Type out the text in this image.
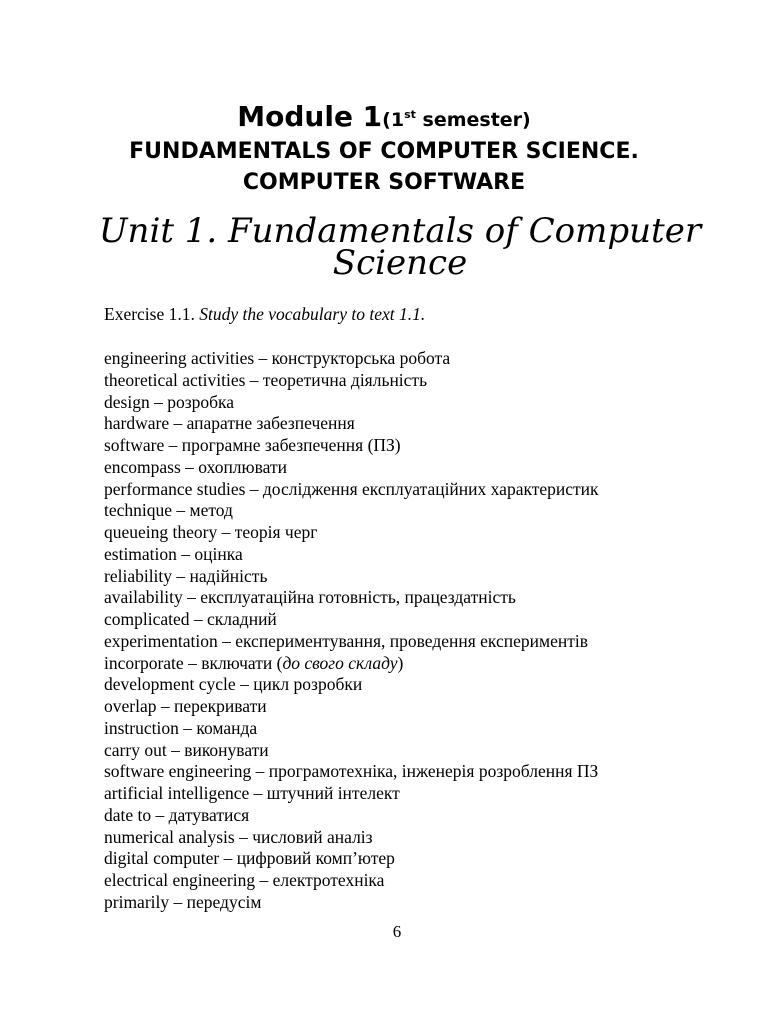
Module 1(1st semester)
FUNDAMENTALS OF COMPUTER SCIENCE.
COMPUTER SOFTWARE
Unit 1. Fundamentals of Computer Science
Exercise 1.1. Study the vocabulary to text 1.1.
engineering activities – конструкторська робота
theoretical activities – теоретична діяльність
design – розробка
hardware – апаратне забезпечення
software – програмне забезпечення (ПЗ)
encompass – охоплювати
performance studies – дослідження експлуатаційних характеристик
technique – метод
queueing theory – теорія черг
estimation – оцінка
reliability – надійність
availability – експлуатаційна готовність, працездатність
complicated – складний
experimentation – експериментування, проведення експериментів
incorporate – включати (до свого складу)
development cycle – цикл розробки
overlap – перекривати
instruction – команда
carry out – виконувати
software engineering – програмотехніка, інженерія розроблення ПЗ
artificial intelligence – штучний інтелект
date to – датуватися
numerical analysis – числовий аналіз
digital computer – цифровий комп’ютер
electrical engineering – електротехніка
primarily – передусім
6
